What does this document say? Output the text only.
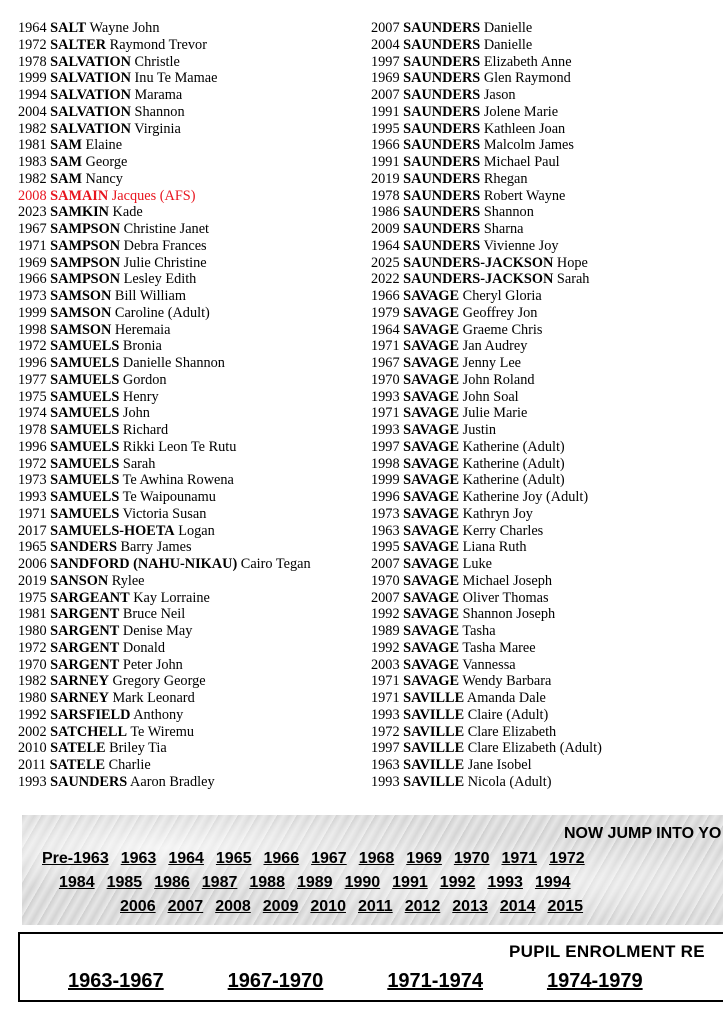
1964 SALT Wayne John
1972 SALTER Raymond Trevor
1978 SALVATION Christle
1999 SALVATION Inu Te Mamae
1994 SALVATION Marama
2004 SALVATION Shannon
1982 SALVATION Virginia
1981 SAM Elaine
1983 SAM George
1982 SAM Nancy
2008 SAMAIN Jacques (AFS)
2023 SAMKIN Kade
1967 SAMPSON Christine Janet
1971 SAMPSON Debra Frances
1969 SAMPSON Julie Christine
1966 SAMPSON Lesley Edith
1973 SAMSON Bill William
1999 SAMSON Caroline (Adult)
1998 SAMSON Heremaia
1972 SAMUELS Bronia
1996 SAMUELS Danielle Shannon
1977 SAMUELS Gordon
1975 SAMUELS Henry
1974 SAMUELS John
1978 SAMUELS Richard
1996 SAMUELS Rikki Leon Te Rutu
1972 SAMUELS Sarah
1973 SAMUELS Te Awhina Rowena
1993 SAMUELS Te Waipounamu
1971 SAMUELS Victoria Susan
2017 SAMUELS-HOETA Logan
1965 SANDERS Barry James
2006 SANDFORD (NAHU-NIKAU) Cairo Tegan
2019 SANSON Rylee
1975 SARGEANT Kay Lorraine
1981 SARGENT Bruce Neil
1980 SARGENT Denise May
1972 SARGENT Donald
1970 SARGENT Peter John
1982 SARNEY Gregory George
1980 SARNEY Mark Leonard
1992 SARSFIELD Anthony
2002 SATCHELL Te Wiremu
2010 SATELE Briley Tia
2011 SATELE Charlie
1993 SAUNDERS Aaron Bradley
2007 SAUNDERS Danielle
2004 SAUNDERS Danielle
1997 SAUNDERS Elizabeth Anne
1969 SAUNDERS Glen Raymond
2007 SAUNDERS Jason
1991 SAUNDERS Jolene Marie
1995 SAUNDERS Kathleen Joan
1966 SAUNDERS Malcolm James
1991 SAUNDERS Michael Paul
2019 SAUNDERS Rhegan
1978 SAUNDERS Robert Wayne
1986 SAUNDERS Shannon
2009 SAUNDERS Sharna
1964 SAUNDERS Vivienne Joy
2025 SAUNDERS-JACKSON Hope
2022 SAUNDERS-JACKSON Sarah
1966 SAVAGE Cheryl Gloria
1979 SAVAGE Geoffrey Jon
1964 SAVAGE Graeme Chris
1971 SAVAGE Jan Audrey
1967 SAVAGE Jenny Lee
1970 SAVAGE John Roland
1993 SAVAGE John Soal
1971 SAVAGE Julie Marie
1993 SAVAGE Justin
1997 SAVAGE Katherine (Adult)
1998 SAVAGE Katherine (Adult)
1999 SAVAGE Katherine (Adult)
1996 SAVAGE Katherine Joy (Adult)
1973 SAVAGE Kathryn Joy
1963 SAVAGE Kerry Charles
1995 SAVAGE Liana Ruth
2007 SAVAGE Luke
1970 SAVAGE Michael Joseph
2007 SAVAGE Oliver Thomas
1992 SAVAGE Shannon Joseph
1989 SAVAGE Tasha
1992 SAVAGE Tasha Maree
2003 SAVAGE Vannessa
1971 SAVAGE Wendy Barbara
1971 SAVILLE Amanda Dale
1993 SAVILLE Claire (Adult)
1972 SAVILLE Clare Elizabeth
1997 SAVILLE Clare Elizabeth (Adult)
1963 SAVILLE Jane Isobel
1993 SAVILLE Nicola (Adult)
NOW JUMP INTO YO
Pre-1963 1963 1964 1965 1966 1967 1968 1969 1970 1971 1972
1984 1985 1986 1987 1988 1989 1990 1991 1992 1993 1994
2006 2007 2008 2009 2010 2011 2012 2013 2014 2015
PUPIL ENROLMENT RE
1963-1967	1967-1970	1971-1974	1974-1979
